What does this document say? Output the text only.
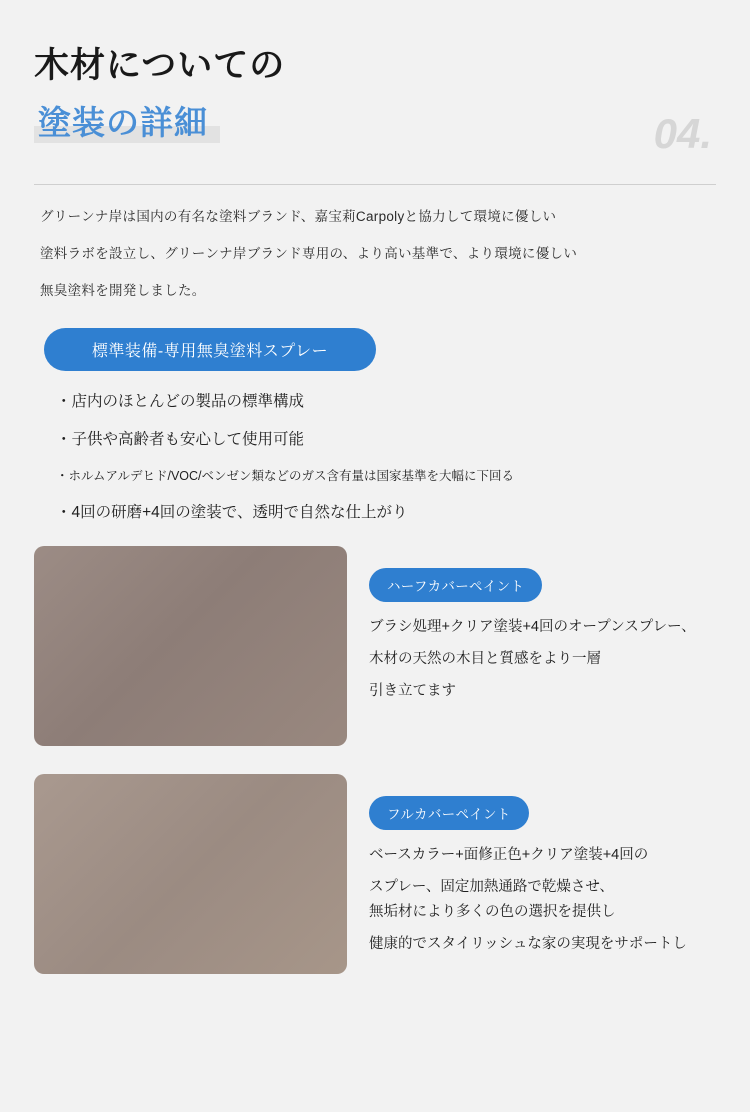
木材についての
塗装の詳細	04.

グリーンナ岸は国内の有名な塗料ブランド、嘉宝莉Carpolyと協力して環境に優しい

塗料ラボを設立し、グリーンナ岸ブランド専用の、より高い基準で、より環境に優しい

無臭塗料を開発しました。

標準装備-専用無臭塗料スプレー
・店内のほとんどの製品の標準構成
・子供や高齢者も安心して使用可能
・ホルムアルデヒド/VOC/ベンゼン類などのガス含有量は国家基準を大幅に下回る
・4回の研磨+4回の塗装で、透明で自然な仕上がり
ハーフカバーペイント

ブラシ処理+クリア塗装+4回のオープンスプレー、

木材の天然の木目と質感をより一層

引き立てます

フルカバーペイント

ベースカラー+面修正色+クリア塗装+4回の

スプレー、固定加熱通路で乾燥させ、

無垢材により多くの色の選択を提供し

健康的でスタイリッシュな家の実現をサポートし
